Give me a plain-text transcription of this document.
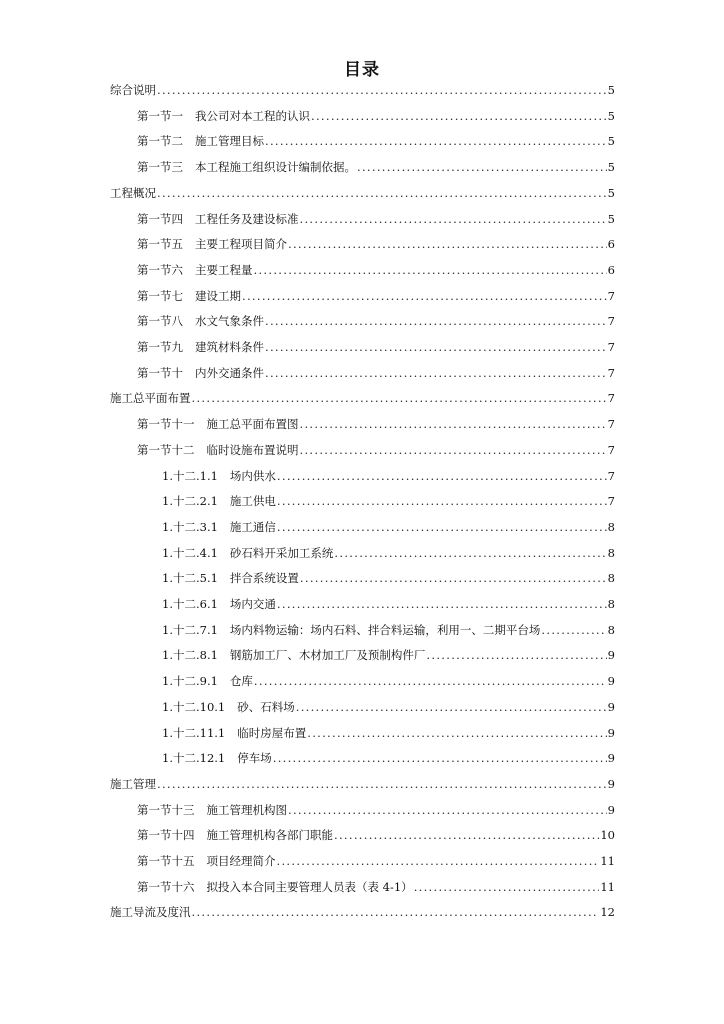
目录
综合说明 .....	5
第一节一 我公司对本工程的认识 .....	5
第一节二 施工管理目标 .....	5
第一节三 本工程施工组织设计编制依据。 .....	5
工程概况 .....	5
第一节四 工程任务及建设标准 .....	5
第一节五 主要工程项目简介 .....	6
第一节六 主要工程量 .....	6
第一节七 建设工期 .....	7
第一节八 水文气象条件 .....	7
第一节九 建筑材料条件 .....	7
第一节十 内外交通条件 .....	7
施工总平面布置 .....	7
第一节十一 施工总平面布置图 .....	7
第一节十二 临时设施布置说明 .....	7
1.十二.1.1 场内供水 .....	7
1.十二.2.1 施工供电 .....	7
1.十二.3.1 施工通信 .....	8
1.十二.4.1 砂石料开采加工系统 .....	8
1.十二.5.1 拌合系统设置 .....	8
1.十二.6.1 场内交通 .....	8
1.十二.7.1 场内料物运输：场内石料、拌合料运输，利用一、二期平台场 .....	8
1.十二.8.1 钢筋加工厂、木材加工厂及预制构件厂 .....	9
1.十二.9.1 仓库 .....	9
1.十二.10.1 砂、石料场 .....	9
1.十二.11.1 临时房屋布置 .....	9
1.十二.12.1 停车场 .....	9
施工管理 .....	9
第一节十三 施工管理机构图 .....	9
第一节十四 施工管理机构各部门职能 .....	10
第一节十五 项目经理简介 .....	11
第一节十六 拟投入本合同主要管理人员表（表 4-1） .....	11
施工导流及度汛 .....	12
